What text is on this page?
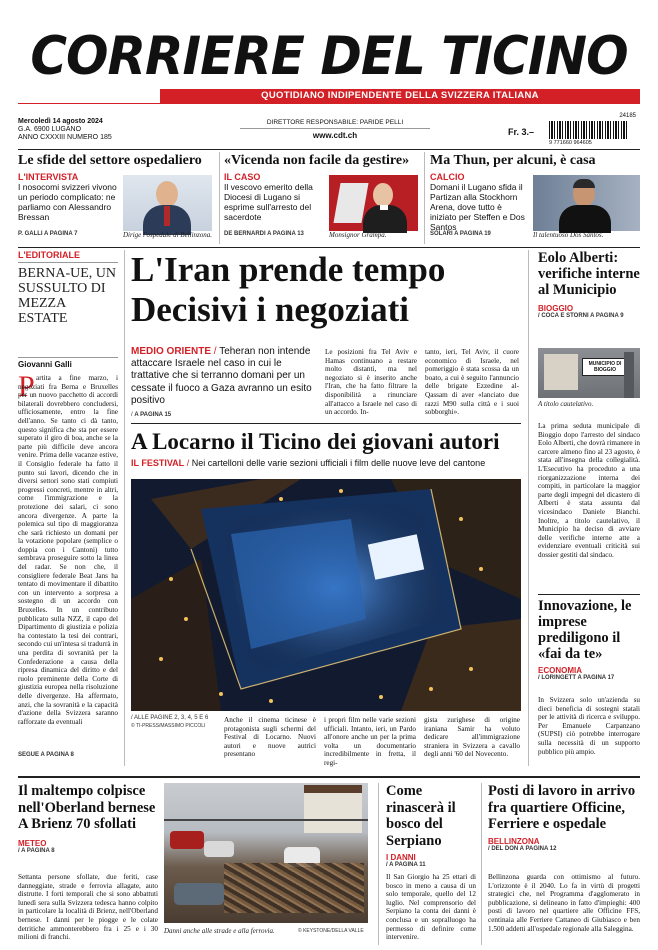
CORRIERE DEL TICINO
QUOTIDIANO INDIPENDENTE DELLA SVIZZERA ITALIANA
Mercoledì 14 agosto 2024
G.A. 6900 LUGANO
ANNO CXXXIII NUMERO 185
DIRETTORE RESPONSABILE: PARIDE PELLI
www.cdt.ch	Fr. 3.–
24185
9 771660 964605
Le sfide del settore ospedaliero
L'INTERVISTA
I nosocomi svizzeri vivono un periodo complicato: ne parliamo con Alessandro Bressan
P. GALLI A PAGINA 7	Dirige l'ospedale di Bellinzona.
«Vicenda non facile da gestire»
IL CASO
Il vescovo emerito della Diocesi di Lugano si esprime sull'arresto del sacerdote
DE BERNARDI A PAGINA 13	Monsignor Grampa.
Ma Thun, per alcuni, è casa
CALCIO
Domani il Lugano sfida il Partizan alla Stockhorn Arena, dove tutto è iniziato per Steffen e Dos Santos
SOLARI A PAGINA 19	Il talentuoso Dos Santos.
L'EDITORIALE
BERNA-UE, UN SUSSULTO DI MEZZA ESTATE
Giovanni Galli
P artita a fine marzo, i negoziati fra Berna e Bruxelles per un nuovo pacchetto di accordi bilaterali dovrebbero concludersi, ufficiosamente, entro la fine dell'anno. Se tanto ci dà tanto, questo significa che sta per essere superato il giro di boa, anche se la parte più difficile deve ancora venire. Prima delle vacanze estive, il Consiglio federale ha fatto il punto sui lavori, dicendo che in diversi settori sono stati compiuti progressi concreti, mentre in altri, come l'immigrazione e la protezione dei salari, ci sono ancora divergenze. A parte la polemica sul tipo di maggioranza che sarà richiesto un domani per la votazione popolare (semplice o doppia con i Cantoni) tutto sembrava proseguire sotto la linea del radar. Se non che, il consigliere federale Beat Jans ha tentato di movimentare il dibattito con un intervento a sorpresa a sostegno di un accordo con Bruxelles. In un contributo pubblicato sulla NZZ, il capo del Dipartimento di giustizia e polizia ha contestato la tesi dei contrari, secondo cui un'intesa si tradurrà in una perdita di sovranità per la Confederazione a causa della ripresa dinamica del diritto e del ruolo preminente della Corte di giustizia europea nella risoluzione delle divergenze. Ha affermato, anzi, che la sovranità e la capacità d'azione della Svizzera saranno rafforzate da eventuali
SEGUE A PAGINA 8
L'Iran prende tempo
Decisivi i negoziati
MEDIO ORIENTE / Teheran non intende attaccare Israele nel caso in cui le trattative che si terranno domani per un cessate il fuoco a Gaza avranno un esito positivo
/ A PAGINA 15
Le posizioni fra Tel Aviv e Hamas continuano a restare molto distanti, ma nel negoziato si è inserito anche l'Iran, che ha fatto filtrare la disponibilità a rinunciare all'attacco a Israele nel caso di un accordo. In-
tanto, ieri, Tel Aviv, il cuore economico di Israele, nel pomeriggio è stata scossa da un boato, a cui è seguito l'annuncio delle brigate Ezzedine al-Qassam di aver «lanciato due razzi M90 sulla città e i suoi sobborghi».
A Locarno il Ticino dei giovani autori
IL FESTIVAL / Nei cartelloni delle varie sezioni ufficiali i film delle nuove leve del cantone
/ ALLE PAGINE 2, 3, 4, 5 E 6
© TI-PRESS/MASSIMO PICCOLI
Anche il cinema ticinese è protagonista sugli schermi del Festival di Locarno. Nuovi autori e nuove autrici presentano
i propri film nelle varie sezioni ufficiali. Intanto, ieri, un Pardo all'onore anche un per la prima volta un documentario incredibilmente in fretta, il regi-
gista zurighese di origine iraniana Samir ha voluto dedicare all'immigrazione straniera in Svizzera a cavallo degli anni '60 del Novecento.
Eolo Alberti: verifiche interne al Municipio
BIOGGIO
/ COCA E STORNI A PAGINA 9
MUNICIPIO DI BIOGGIO
A titolo cautelativo.
La prima seduta municipale di Bioggio dopo l'arresto del sindaco Eolo Alberti, che dovrà rimanere in carcere almeno fino al 23 agosto, è stata all'insegna della collegialità. L'Esecutivo ha proceduto a una riorganizzazione interna dei compiti, in particolare la maggior parte degli impegni del dicastero di Alberti è stata assunta dal vicesindaco Daniele Bianchi. Inoltre, a titolo cautelativo, il Municipio ha deciso di avviare delle verifiche interne atte a evidenziare eventuali criticità sui dossier gestiti dal sindaco.
Innovazione, le imprese prediligono il «fai da te»
ECONOMIA
/ LORINGETT A PAGINA 17
In Svizzera solo un'azienda su dieci beneficia di sostegni statali per le attività di ricerca e sviluppo. Per Emanuele Carpanzano (SUPSI) ciò potrebbe interrogare sulla necessità di un supporto pubblico più ampio.
Il maltempo colpisce nell'Oberland bernese A Brienz 70 sfollati
METEO
/ A PAGINA 8
Settanta persone sfollate, due feriti, case danneggiate, strade e ferrovia allagate, auto distrutte. I forti temporali che si sono abbattuti lunedì sera sulla Svizzera tedesca hanno colpito in particolare la località di Brienz, nell'Oberland bernese. I danni per le piogge e le colate detritiche ammonterebbero fra i 25 e i 30 milioni di franchi.
Danni anche alle strade e alla ferrovia.	© KEYSTONE/DELLA VALLE
Come rinascerà il bosco del Serpiano
I DANNI
/ A PAGINA 11
Il San Giorgio ha 25 ettari di bosco in meno a causa di un solo temporale, quello del 12 luglio. Nel comprensorio del Serpiano la conta dei danni è conclusa e un sopralluogo ha permesso di definire come intervenire.
Posti di lavoro in arrivo fra quartiere Officine, Ferriere e ospedale
BELLINZONA
/ DEL DON A PAGINA 12
Bellinzona guarda con ottimismo al futuro. L'orizzonte è il 2040. Lo fa in virtù di progetti strategici che, nel Programma d'agglomerato in pubblicazione, si delineano in fatto d'impieghi: 400 posti di lavoro nel quartiere alle Officine FFS, centinaia alle Ferriere Cattaneo di Giubiasco e ben 1.500 addetti all'ospedale regionale alla Saleggina.
